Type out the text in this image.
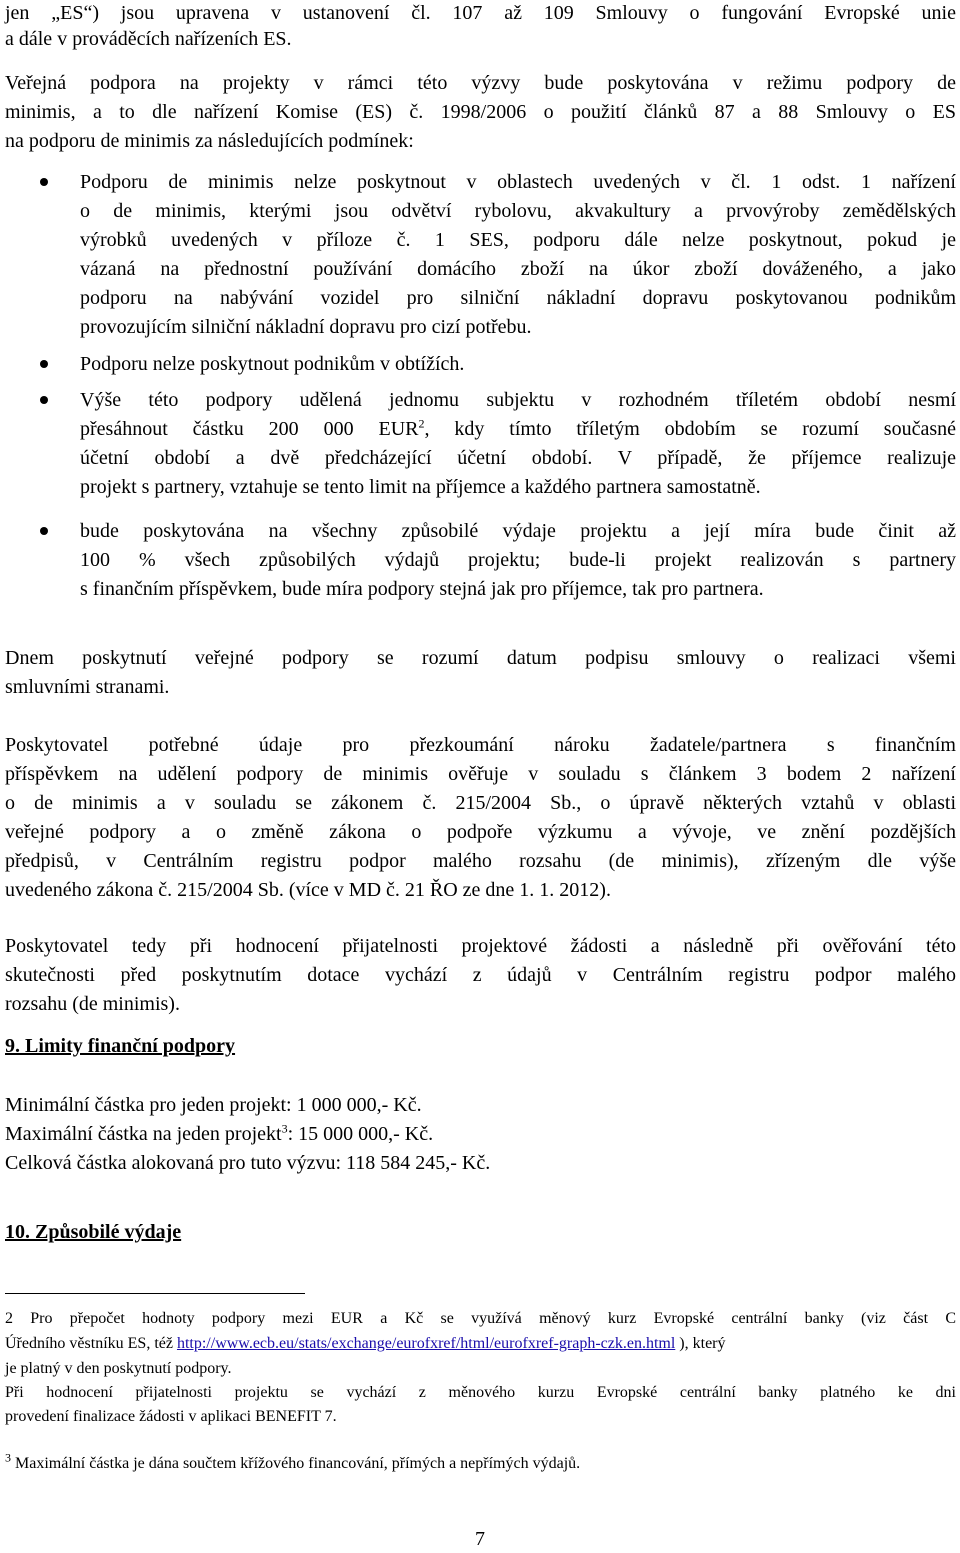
jen „ES“) jsou upravena v ustanovení čl. 107 až 109 Smlouvy o fungování Evropské unie
a dále v prováděcích nařízeních ES.
Veřejná podpora na projekty v rámci této výzvy bude poskytována v režimu podpory de
minimis, a to dle nařízení Komise (ES) č. 1998/2006 o použití článků 87 a 88 Smlouvy o ES
na podporu de minimis za následujících podmínek:
Podporu de minimis nelze poskytnout v oblastech uvedených v čl. 1 odst. 1 nařízení
o de minimis, kterými jsou odvětví rybolovu, akvakultury a prvovýroby zemědělských
výrobků uvedených v příloze č. 1 SES, podporu dále nelze poskytnout, pokud je
vázaná na přednostní používání domácího zboží na úkor zboží dováženého, a jako
podporu na nabývání vozidel pro silniční nákladní dopravu poskytovanou podnikům
provozujícím silniční nákladní dopravu pro cizí potřebu.
Podporu nelze poskytnout podnikům v obtížích.
Výše této podpory udělená jednomu subjektu v rozhodném tříletém období nesmí
přesáhnout částku 200 000 EUR$^2$, kdy tímto tříletým obdobím se rozumí současné
účetní období a dvě předcházející účetní období. V případě, že příjemce realizuje
projekt s partnery, vztahuje se tento limit na příjemce a každého partnera samostatně.
bude poskytována na všechny způsobilé výdaje projektu a její míra bude činit až
100 % všech způsobilých výdajů projektu; bude-li projekt realizován s partnery
s finančním příspěvkem, bude míra podpory stejná jak pro příjemce, tak pro partnera.
Dnem poskytnutí veřejné podpory se rozumí datum podpisu smlouvy o realizaci všemi
smluvními stranami.
Poskytovatel potřebné údaje pro přezkoumání nároku žadatele/partnera s finančním
příspěvkem na udělení podpory de minimis ověřuje v souladu s článkem 3 bodem 2 nařízení
o de minimis a v souladu se zákonem č. 215/2004 Sb., o úpravě některých vztahů v oblasti
veřejné podpory a o změně zákona o podpoře výzkumu a vývoje, ve znění pozdějších
předpisů, v Centrálním registru podpor malého rozsahu (de minimis), zřízeným dle výše
uvedeného zákona č. 215/2004 Sb. (více v MD č. 21 ŘO ze dne 1. 1. 2012).
Poskytovatel tedy při hodnocení přijatelnosti projektové žádosti a následně při ověřování této
skutečnosti před poskytnutím dotace vychází z údajů v Centrálním registru podpor malého
rozsahu (de minimis).
9. Limity finanční podpory
Minimální částka pro jeden projekt: 1 000 000,- Kč.
Maximální částka na jeden projekt$^3$: 15 000 000,- Kč.
Celková částka alokovaná pro tuto výzvu: 118 584 245,- Kč.
10. Způsobilé výdaje
2 Pro přepočet hodnoty podpory mezi EUR a Kč se využívá měnový kurz Evropské centrální banky (viz část C
Úředního věstníku ES, též http://www.ecb.eu/stats/exchange/eurofxref/html/eurofxref-graph-czk.en.html ), který
je platný v den poskytnutí podpory.
Při hodnocení přijatelnosti projektu se vychází z měnového kurzu Evropské centrální banky platného ke dni
provedení finalizace žádosti v aplikaci BENEFIT 7.
$^3$ Maximální částka je dána součtem křížového financování, přímých a nepřímých výdajů.
7
